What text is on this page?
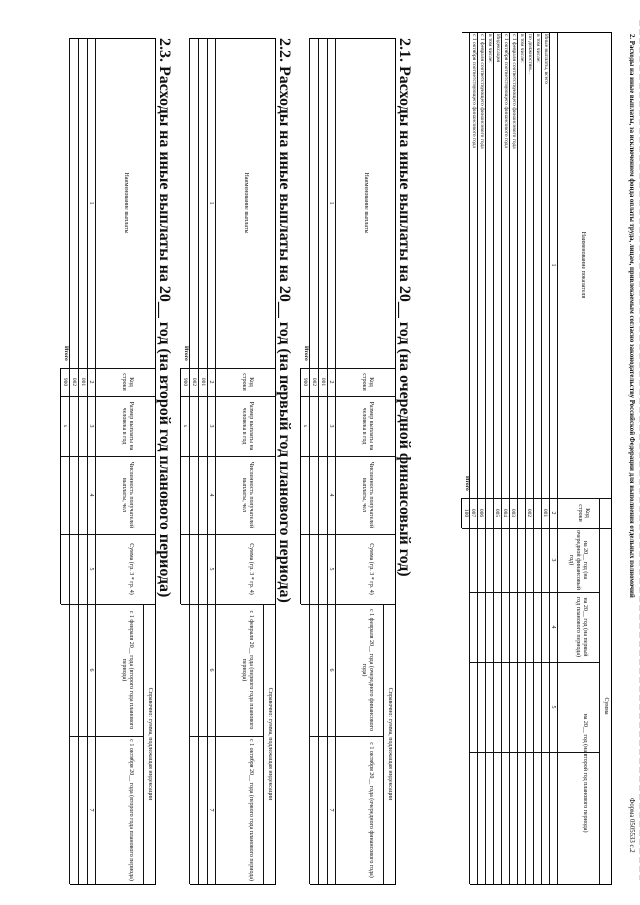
2. Расходы на иные выплаты, за исключением фонда оплаты труда, лицам, привлекаемым согласно законодательству Российской Федерации для выполнения отдельных полномочий
Форма 0505533 с.2
Наименование показателя
Код строки
Сумма
на 20__ год (на очередной финансовый год)
на 20__ год (на первый год планового периода)
на 20__ год (на второй год планового периода)
1
2
3
4
5
Иные выплаты, всего
001
в том числе:
по должностям...
002
в том числе:
с 1 февраля соответствующего финансового года
003
с 1 октября соответствующего финансового года
004
Индексация
005
в том числе:
с 1 февраля соответствующего финансового года
006
с 1 октября соответствующего финансового года
007
Итого
100
2.1. Расходы на иные выплаты на 20__ год (на очередной финансовый год)
Наименование выплаты
Код строки
Размер выплаты на человека в год
Численность получателей выплаты, чел
Сумма (гр. 3 * гр. 4)
Справочно: сумма, подлежащая индексации
с 1 февраля 20__ года (очередного финансового года)
с 1 октября 20__ года (очередного финансового года)
1
2
3
4
5
6
7
001
002
Итого
900
x
2.2. Расходы на иные выплаты на 20__ год (на первый год планового периода)
Наименование выплаты
Код строки
Размер выплаты на человека в год
Численность получателей выплаты, чел
Сумма (гр. 3 * гр. 4)
Справочно: сумма, подлежащая индексации
с 1 февраля 20__ года (первого года планового периода)
с 1 октября 20__ года (первого года планового периода)
1
2
3
4
5
6
7
001
002
Итого
900
x
2.3. Расходы на иные выплаты на 20__ год (на второй год планового периода)
Наименование выплаты
Код строки
Размер выплаты на человека в год
Численность получателей выплаты, чел
Сумма (гр. 3 * гр. 4)
Справочно: сумма, подлежащая индексации
с 1 февраля 20__ года (второго года планового периода)
с 1 октября 20__ года (второго года планового периода)
1
2
3
4
5
6
7
001
002
Итого
900
x
